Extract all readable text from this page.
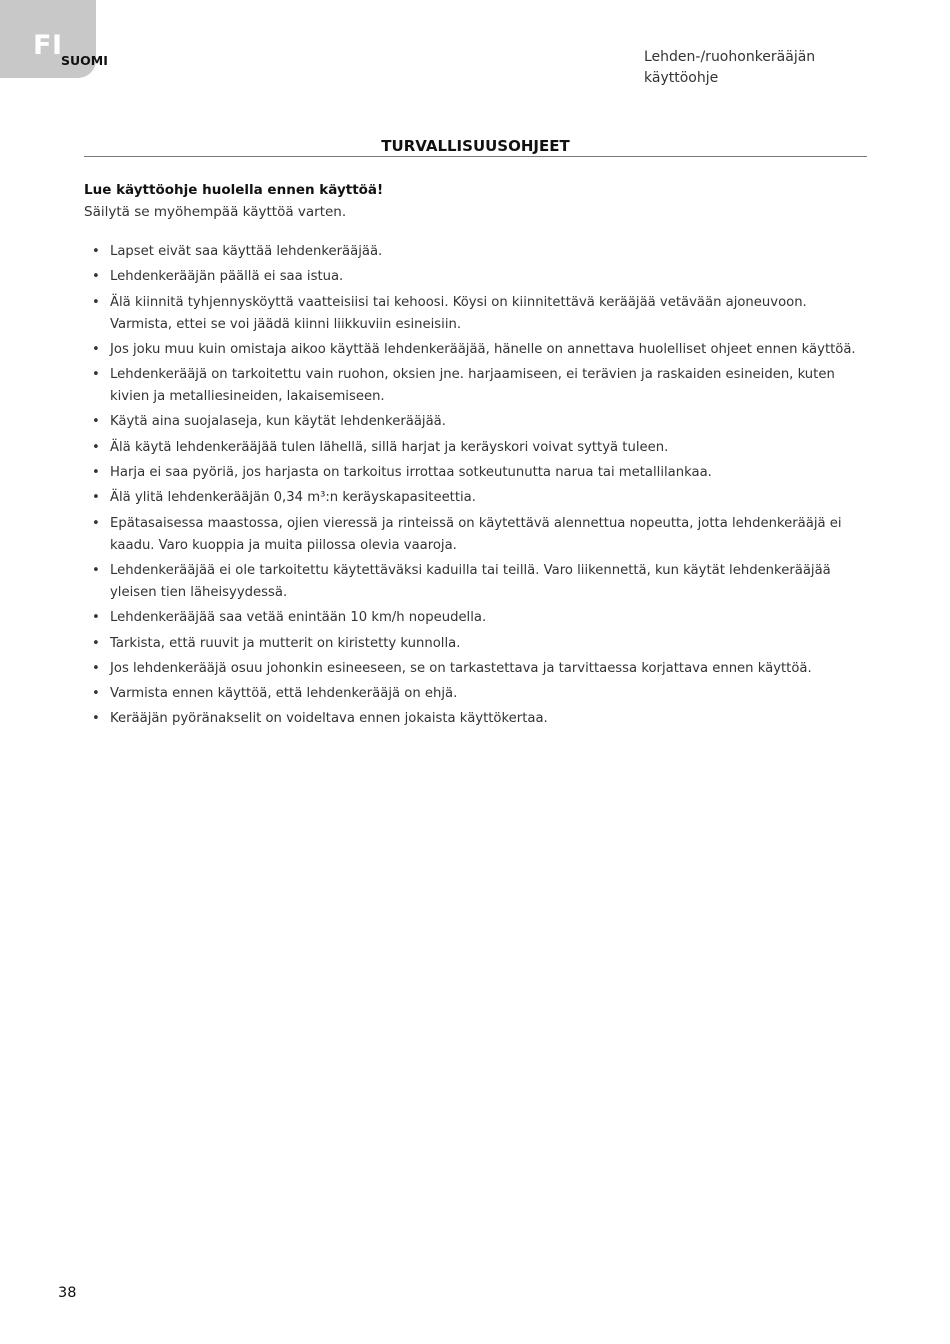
FI
SUOMI	Lehden-/ruohonkerääjän
käyttöohje
TURVALLISUUSOHJEET
Lue käyttöohje huolella ennen käyttöä!
Säilytä se myöhempää käyttöä varten.
• Lapset eivät saa käyttää lehdenkerääjää.
• Lehdenkerääjän päällä ei saa istua.
• Älä kiinnitä tyhjennysköyttä vaatteisiisi tai kehoosi. Köysi on kiinnitettävä kerääjää vetävään ajoneuvoon. Varmista, ettei se voi jäädä kiinni liikkuviin esineisiin.
• Jos joku muu kuin omistaja aikoo käyttää lehdenkerääjää, hänelle on annettava huolelliset ohjeet ennen käyttöä.
• Lehdenkerääjä on tarkoitettu vain ruohon, oksien jne. harjaamiseen, ei terävien ja raskaiden esineiden, kuten kivien ja metalliesineiden, lakaisemiseen.
• Käytä aina suojalaseja, kun käytät lehdenkerääjää.
• Älä käytä lehdenkerääjää tulen lähellä, sillä harjat ja keräyskori voivat syttyä tuleen.
• Harja ei saa pyöriä, jos harjasta on tarkoitus irrottaa sotkeutunutta narua tai metallilankaa.
• Älä ylitä lehdenkerääjän 0,34 m³:n keräyskapasiteettia.
• Epätasaisessa maastossa, ojien vieressä ja rinteissä on käytettävä alennettua nopeutta, jotta lehdenkerääjä ei kaadu. Varo kuoppia ja muita piilossa olevia vaaroja.
• Lehdenkerääjää ei ole tarkoitettu käytettäväksi kaduilla tai teillä. Varo liikennettä, kun käytät lehdenkerääjää yleisen tien läheisyydessä.
• Lehdenkerääjää saa vetää enintään 10 km/h nopeudella.
• Tarkista, että ruuvit ja mutterit on kiristetty kunnolla.
• Jos lehdenkerääjä osuu johonkin esineeseen, se on tarkastettava ja tarvittaessa korjattava ennen käyttöä.
• Varmista ennen käyttöä, että lehdenkerääjä on ehjä.
• Kerääjän pyöränakselit on voideltava ennen jokaista käyttökertaa.
38
